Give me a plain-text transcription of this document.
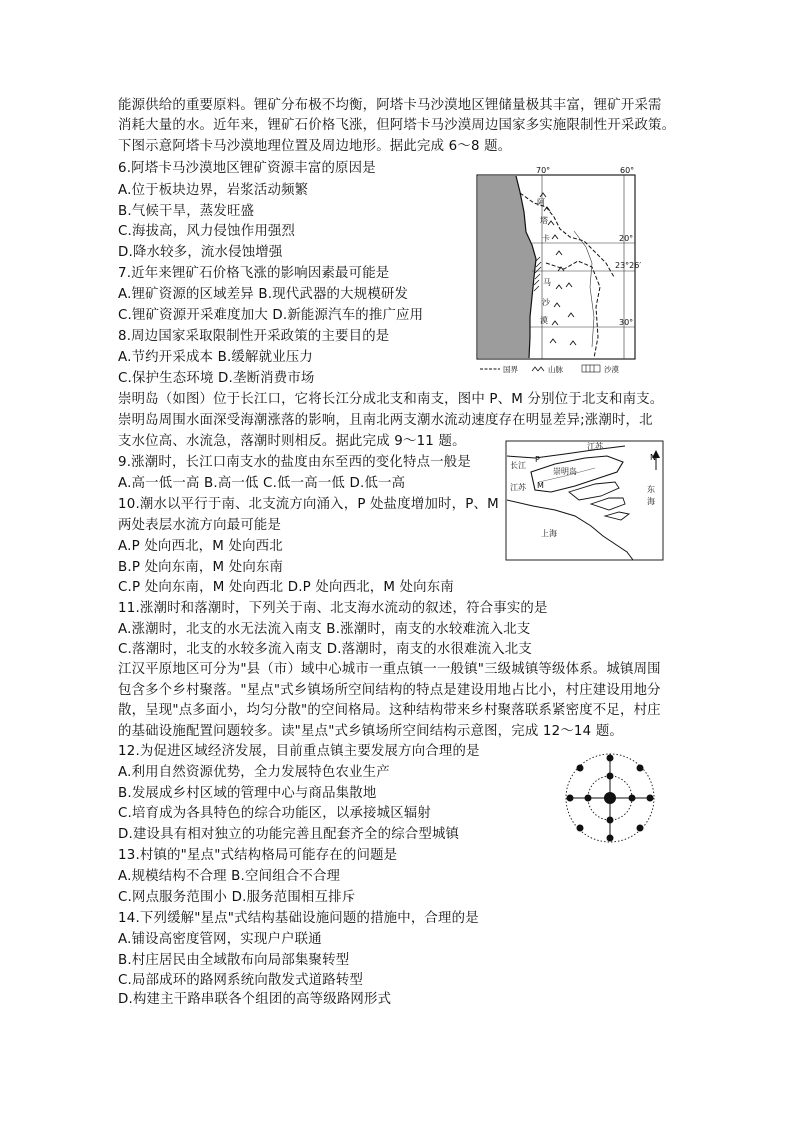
能源供给的重要原料。锂矿分布极不均衡，阿塔卡马沙漠地区锂储量极其丰富，锂矿开采需
消耗大量的水。近年来，锂矿石价格飞涨，但阿塔卡马沙漠周边国家多实施限制性开采政策。
下图示意阿塔卡马沙漠地理位置及周边地形。据此完成 6～8 题。
6.阿塔卡马沙漠地区锂矿资源丰富的原因是
A.位于板块边界，岩浆活动频繁
B.气候干旱，蒸发旺盛
C.海拔高，风力侵蚀作用强烈
D.降水较多，流水侵蚀增强
7.近年来锂矿石价格飞涨的影响因素最可能是
A.锂矿资源的区域差异 B.现代武器的大规模研发
C.锂矿资源开采难度加大 D.新能源汽车的推广应用
8.周边国家采取限制性开采政策的主要目的是
A.节约开采成本 B.缓解就业压力
C.保护生态环境 D.垄断消费市场
崇明岛（如图）位于长江口，它将长江分成北支和南支，图中 P、M 分别位于北支和南支。
崇明岛周围水面深受海潮涨落的影响，且南北两支潮水流动速度存在明显差异;涨潮时，北
支水位高、水流急，落潮时则相反。据此完成 9～11 题。
9.涨潮时，长江口南支水的盐度由东至西的变化特点一般是
A.高一低一高 B.高一低 C.低一高一低 D.低一高
10.潮水以平行于南、北支流方向涌入，P 处盐度增加时，P、M
两处表层水流方向最可能是
A.P 处向西北，M 处向西北
B.P 处向东南，M 处向东南
C.P 处向东南，M 处向西北 D.P 处向西北，M 处向东南
11.涨潮时和落潮时，下列关于南、北支海水流动的叙述，符合事实的是
A.涨潮时，北支的水无法流入南支 B.涨潮时，南支的水较难流入北支
C.落潮时，北支的水较多流入南支 D.落潮时，南支的水很难流入北支
江汉平原地区可分为"县（市）域中心城市一重点镇一一般镇"三级城镇等级体系。城镇周围
包含多个乡村聚落。"星点"式乡镇场所空间结构的特点是建设用地占比小，村庄建设用地分
散，呈现"点多面小，均匀分散"的空间格局。这种结构带来乡村聚落联系紧密度不足，村庄
的基础设施配置问题较多。读"星点"式乡镇场所空间结构示意图，完成 12～14 题。
12.为促进区域经济发展，目前重点镇主要发展方向合理的是
A.利用自然资源优势，全力发展特色农业生产
B.发展成乡村区域的管理中心与商品集散地
C.培育成为各具特色的综合功能区，以承接城区辐射
D.建设具有相对独立的功能完善且配套齐全的综合型城镇
13.村镇的"星点"式结构格局可能存在的问题是
A.规模结构不合理 B.空间组合不合理
C.网点服务范围小 D.服务范围相互排斥
14.下列缓解"星点"式结构基础设施问题的措施中，合理的是
A.铺设高密度管网，实现户户联通
B.村庄居民由全域散布向局部集聚转型
C.局部成环的路网系统向散发式道路转型
D.构建主干路串联各个组团的高等级路网形式
阿
塔
卡
马
沙
漠
70°	60°
20°
23°26′
30°
国界	山脉	沙漠
N
江苏
长江
崇明岛
P
江苏 M	东
海
上海
